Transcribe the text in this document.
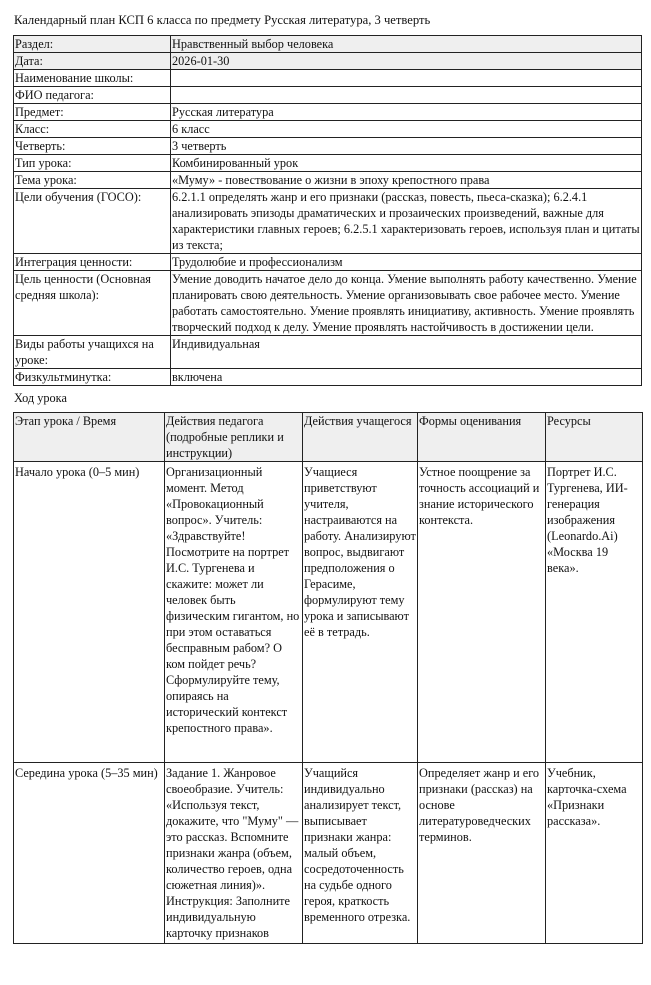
Календарный план КСП 6 класса по предмету Русская литература, 3 четверть
Раздел:	Нравственный выбор человека
Дата:	2026-01-30
Наименование школы:	
ФИО педагога:	
Предмет:	Русская литература
Класс:	6 класс
Четверть:	3 четверть
Тип урока:	Комбинированный урок
Тема урока:	«Муму» - повествование о жизни в эпоху крепостного права
Цели обучения (ГОСО):	6.2.1.1 определять жанр и его признаки (рассказ, повесть, пьеса-сказка); 6.2.4.1 анализировать эпизоды драматических и прозаических произведений, важные для характеристики главных героев; 6.2.5.1 характеризовать героев, используя план и цитаты из текста;
Интеграция ценности:	Трудолюбие и профессионализм
Цель ценности (Основная средняя школа):	Умение доводить начатое дело до конца. Умение выполнять работу качественно. Умение планировать свою деятельность. Умение организовывать свое рабочее место. Умение работать самостоятельно. Умение проявлять инициативу, активность. Умение проявлять творческий подход к делу. Умение проявлять настойчивость в достижении цели.
Виды работы учащихся на уроке:	Индивидуальная
Физкультминутка:	включена
Ход урока
Этап урока / Время	Действия педагога (подробные реплики и инструкции)	Действия учащегося	Формы оценивания	Ресурсы
Начало урока (0–5 мин)	Организационный момент. Метод «Провокационный вопрос». Учитель: «Здравствуйте! Посмотрите на портрет И.С. Тургенева и скажите: может ли человек быть физическим гигантом, но при этом оставаться бесправным рабом? О ком пойдет речь? Сформулируйте тему, опираясь на исторический контекст крепостного права».	Учащиеся приветствуют учителя, настраиваются на работу. Анализируют вопрос, выдвигают предположения о Герасиме, формулируют тему урока и записывают её в тетрадь.	Устное поощрение за точность ассоциаций и знание исторического контекста.	Портрет И.С. Тургенева, ИИ-генерация изображения (Leonardo.Ai) «Москва 19 века».
Середина урока (5–35 мин)	Задание 1. Жанровое своеобразие. Учитель: «Используя текст, докажите, что "Муму" — это рассказ. Вспомните признаки жанра (объем, количество героев, одна сюжетная линия)». Инструкция: Заполните индивидуальную карточку признаков	Учащийся индивидуально анализирует текст, выписывает признаки жанра: малый объем, сосредоточенность на судьбе одного героя, краткость временного отрезка.	Определяет жанр и его признаки (рассказ) на основе литературоведческих терминов.	Учебник, карточка-схема «Признаки рассказа».
